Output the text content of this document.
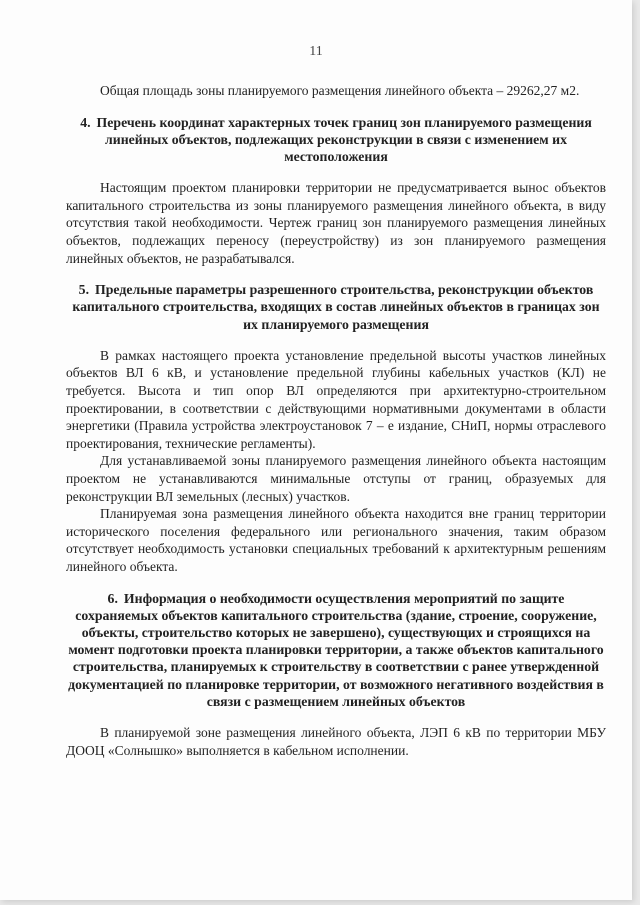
11

Общая площадь зоны планируемого размещения линейного объекта – 29262,27 м2.

4. Перечень координат характерных точек границ зон планируемого размещения линейных объектов, подлежащих реконструкции в связи с изменением их местоположения

Настоящим проектом планировки территории не предусматривается вынос объектов капитального строительства из зоны планируемого размещения линейного объекта, в виду отсутствия такой необходимости. Чертеж границ зон планируемого размещения линейных объектов, подлежащих переносу (переустройству) из зон планируемого размещения линейных объектов, не разрабатывался.

5. Предельные параметры разрешенного строительства, реконструкции объектов капитального строительства, входящих в состав линейных объектов в границах зон их планируемого размещения

В рамках настоящего проекта установление предельной высоты участков линейных объектов ВЛ 6 кВ, и установление предельной глубины кабельных участков (КЛ) не требуется. Высота и тип опор ВЛ определяются при архитектурно-строительном проектировании, в соответствии с действующими нормативными документами в области энергетики (Правила устройства электроустановок 7 – е издание, СНиП, нормы отраслевого проектирования, технические регламенты).

Для устанавливаемой зоны планируемого размещения линейного объекта настоящим проектом не устанавливаются минимальные отступы от границ, образуемых для реконструкции ВЛ земельных (лесных) участков.

Планируемая зона размещения линейного объекта находится вне границ территории исторического поселения федерального или регионального значения, таким образом отсутствует необходимость установки специальных требований к архитектурным решениям линейного объекта.

6. Информация о необходимости осуществления мероприятий по защите сохраняемых объектов капитального строительства (здание, строение, сооружение, объекты, строительство которых не завершено), существующих и строящихся на момент подготовки проекта планировки территории, а также объектов капитального строительства, планируемых к строительству в соответствии с ранее утвержденной документацией по планировке территории, от возможного негативного воздействия в связи с размещением линейных объектов

В планируемой зоне размещения линейного объекта, ЛЭП 6 кВ по территории МБУ ДООЦ «Солнышко» выполняется в кабельном исполнении.
